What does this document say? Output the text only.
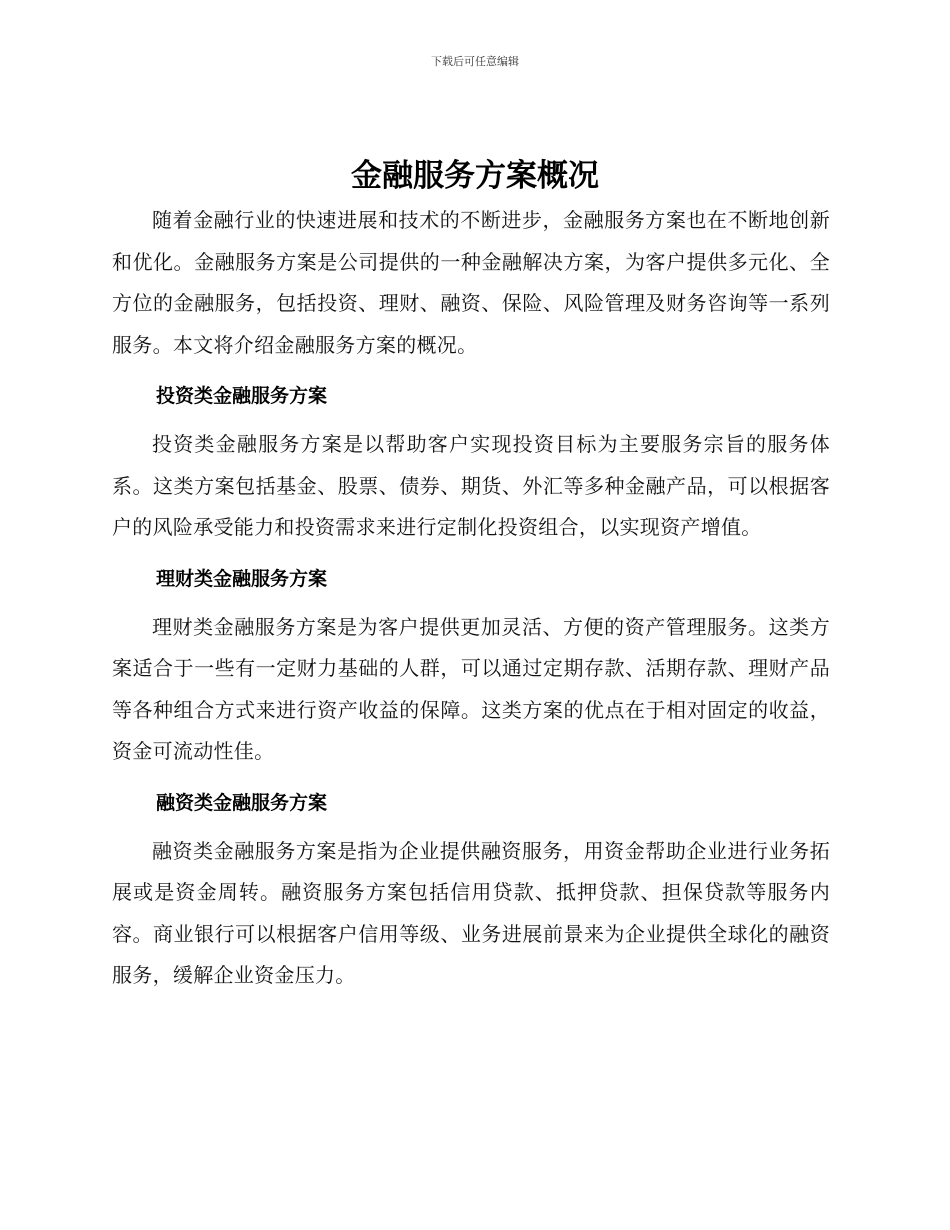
下载后可任意编辑
金融服务方案概况

随着金融行业的快速进展和技术的不断进步，金融服务方案也在不断地创新和优化。金融服务方案是公司提供的一种金融解决方案，为客户提供多元化、全方位的金融服务，包括投资、理财、融资、保险、风险管理及财务咨询等一系列服务。本文将介绍金融服务方案的概况。

投资类金融服务方案

投资类金融服务方案是以帮助客户实现投资目标为主要服务宗旨的服务体系。这类方案包括基金、股票、债券、期货、外汇等多种金融产品，可以根据客户的风险承受能力和投资需求来进行定制化投资组合，以实现资产增值。

理财类金融服务方案

理财类金融服务方案是为客户提供更加灵活、方便的资产管理服务。这类方案适合于一些有一定财力基础的人群，可以通过定期存款、活期存款、理财产品等各种组合方式来进行资产收益的保障。这类方案的优点在于相对固定的收益，资金可流动性佳。

融资类金融服务方案

融资类金融服务方案是指为企业提供融资服务，用资金帮助企业进行业务拓展或是资金周转。融资服务方案包括信用贷款、抵押贷款、担保贷款等服务内容。商业银行可以根据客户信用等级、业务进展前景来为企业提供全球化的融资服务，缓解企业资金压力。
